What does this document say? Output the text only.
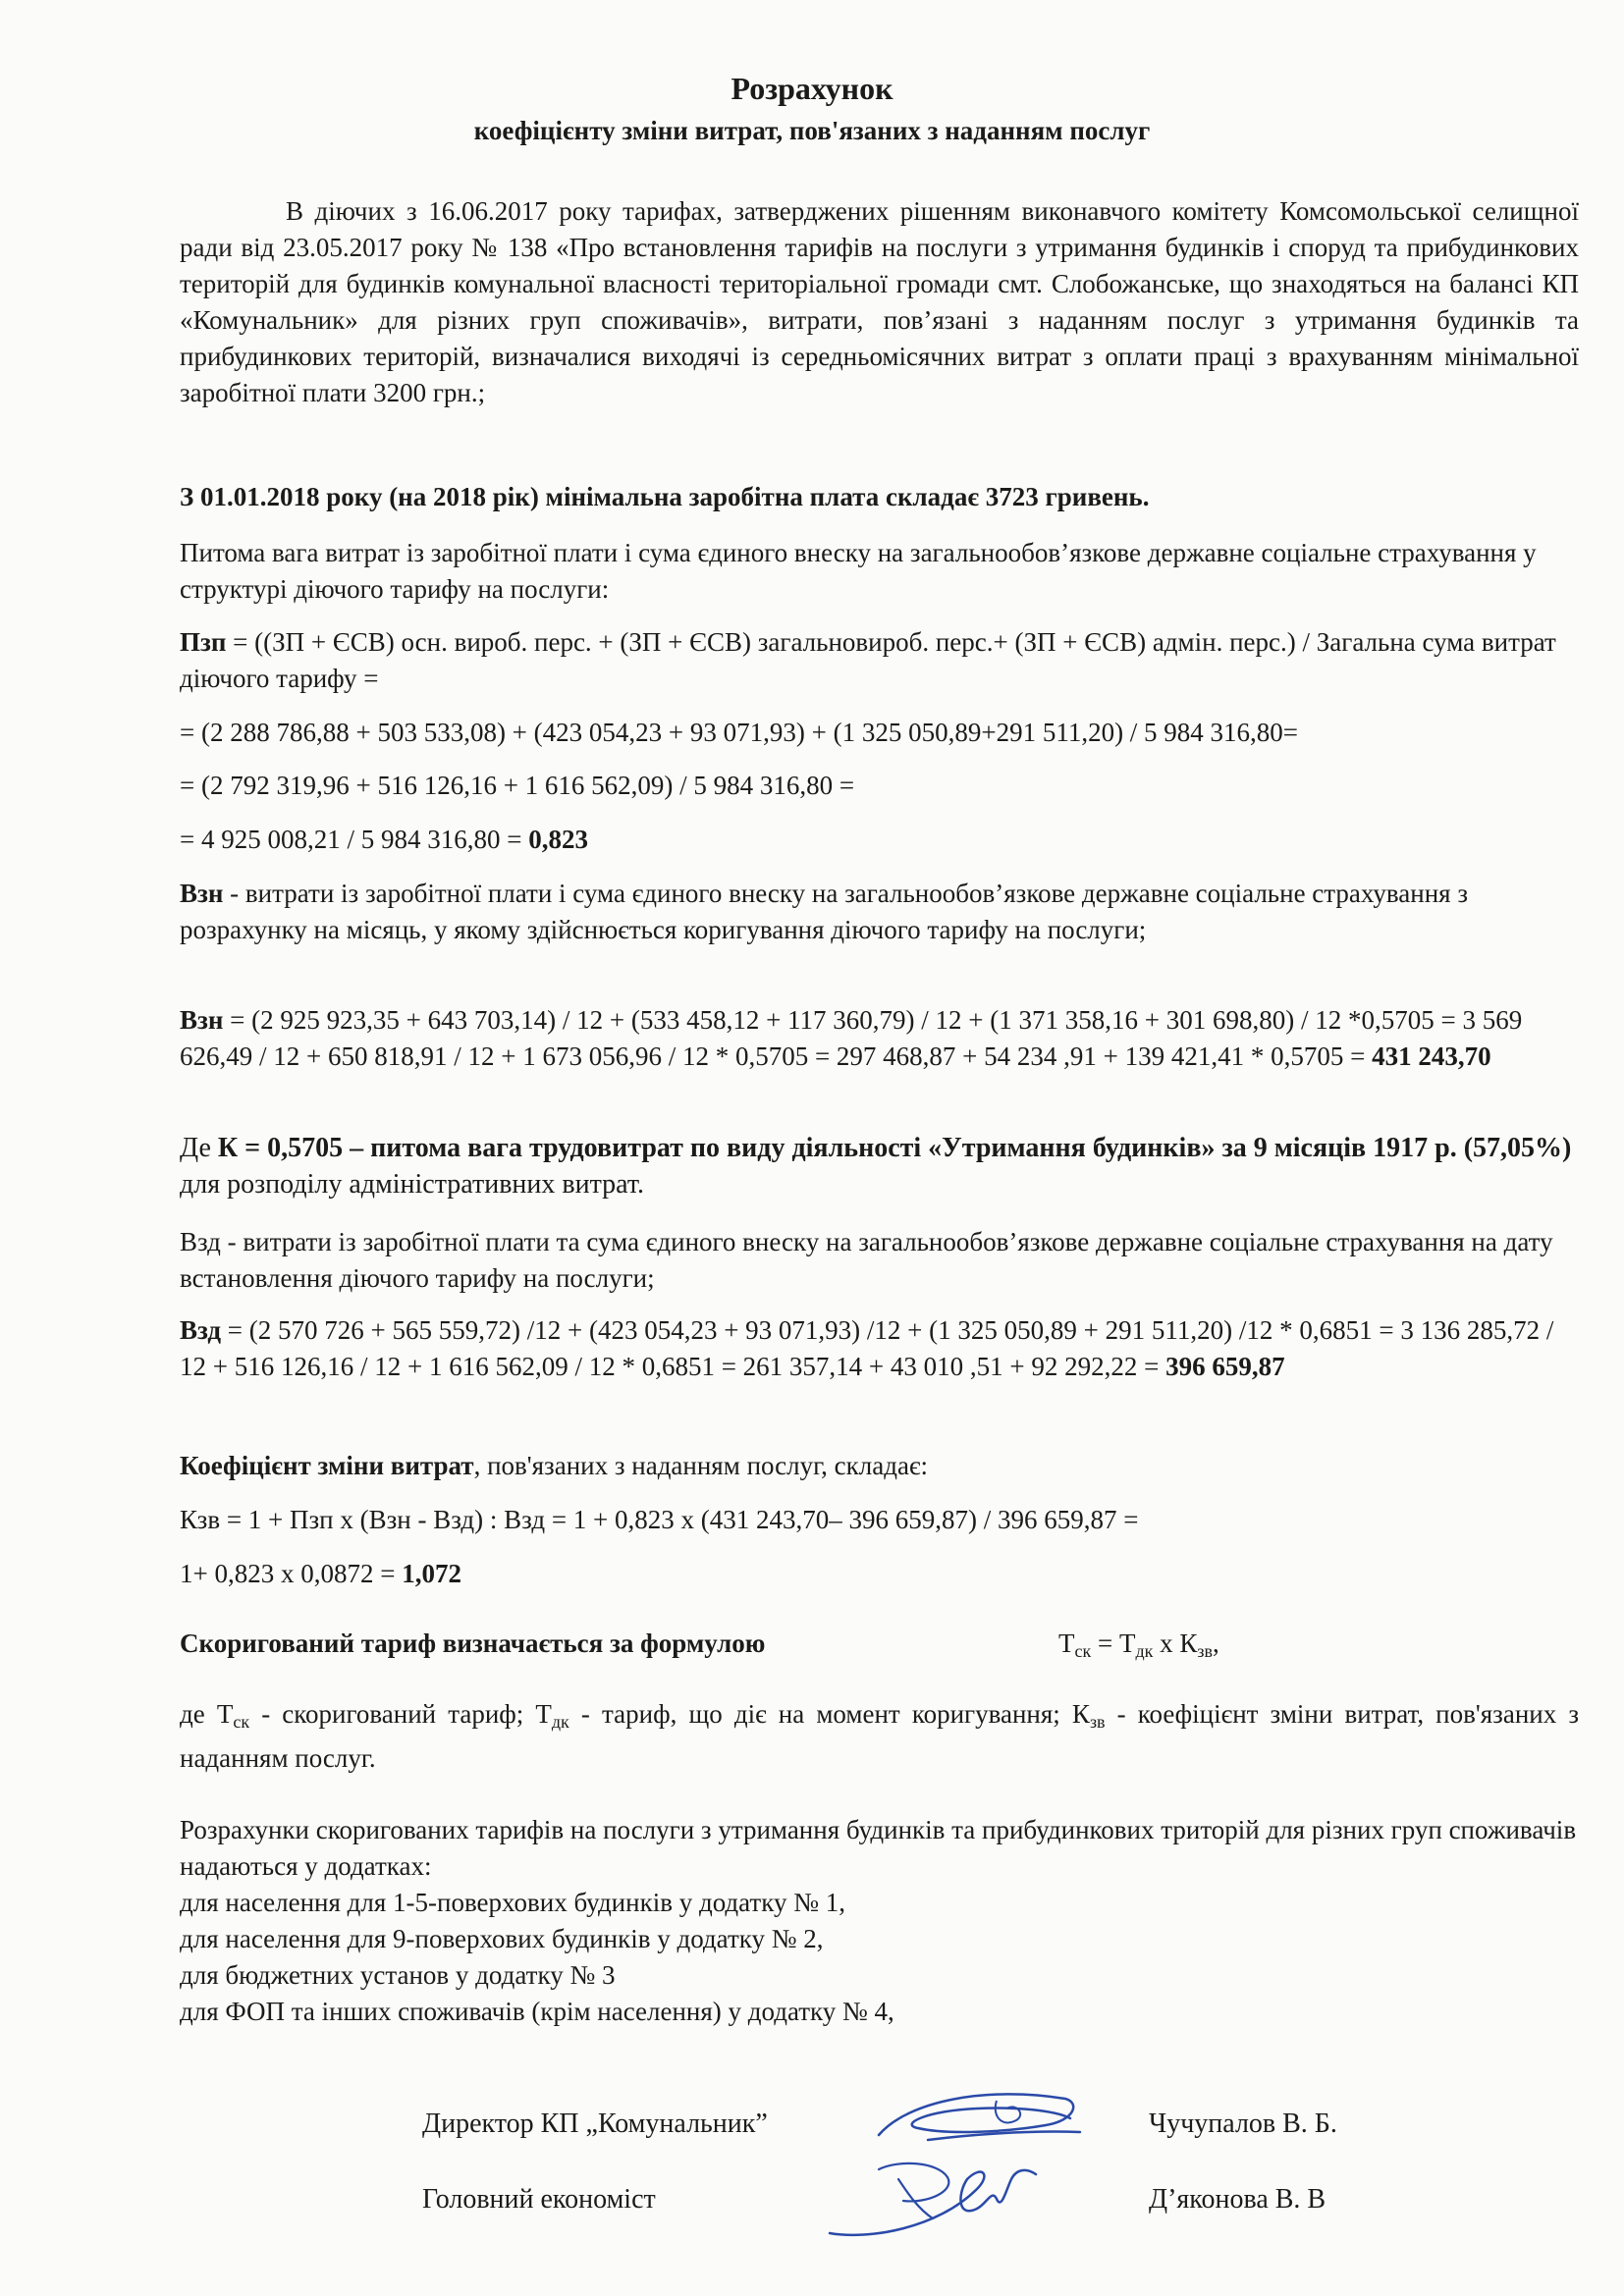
Розрахунок
коефіцієнту зміни витрат, пов'язаних з наданням послуг
В діючих з 16.06.2017 року тарифах, затверджених рішенням виконавчого комітету Комсомольської селищної ради від 23.05.2017 року № 138 «Про встановлення тарифів на послуги з утримання будинків і споруд та прибудинкових територій для будинків комунальної власності територіальної громади смт. Слобожанське, що знаходяться на балансі КП «Комунальник» для різних груп споживачів», витрати, пов’язані з наданням послуг з утримання будинків та прибудинкових територій, визначалися виходячі із середньомісячних витрат з оплати праці з врахуванням мінімальної заробітної плати 3200 грн.;
З 01.01.2018 року (на 2018 рік) мінімальна заробітна плата складає 3723 гривень.
Питома вага витрат із заробітної плати і сума єдиного внеску на загальнообов’язкове державне соціальне страхування у структурі діючого тарифу на послуги:
Пзп = ((ЗП + ЄСВ) осн. вироб. перс. + (ЗП + ЄСВ) загальновироб. перс.+ (ЗП + ЄСВ) адмін. перс.) / Загальна сума витрат діючого тарифу =
= (2 288 786,88 + 503 533,08) + (423 054,23 + 93 071,93) + (1 325 050,89+291 511,20) / 5 984 316,80=
= (2 792 319,96 + 516 126,16 + 1 616 562,09) / 5 984 316,80 =
= 4 925 008,21 / 5 984 316,80 = 0,823
Взн - витрати із заробітної плати і сума єдиного внеску на загальнообов’язкове державне соціальне страхування з розрахунку на місяць, у якому здійснюється коригування діючого тарифу на послуги;
Взн = (2 925 923,35 + 643 703,14) / 12 + (533 458,12 + 117 360,79) / 12 + (1 371 358,16 + 301 698,80) / 12 *0,5705 = 3 569 626,49 / 12 + 650 818,91 / 12 + 1 673 056,96 / 12 * 0,5705 = 297 468,87 + 54 234 ,91 + 139 421,41 * 0,5705 = 431 243,70
Де К = 0,5705 – питома вага трудовитрат по виду діяльності «Утримання будинків» за 9 місяців 1917 р. (57,05%) для розподілу адміністративних витрат.
Взд - витрати із заробітної плати та сума єдиного внеску на загальнообов’язкове державне соціальне страхування на дату встановлення діючого тарифу на послуги;
Взд = (2 570 726 + 565 559,72) /12 + (423 054,23 + 93 071,93) /12 + (1 325 050,89 + 291 511,20) /12 * 0,6851 = 3 136 285,72 / 12 + 516 126,16 / 12 + 1 616 562,09 / 12 * 0,6851 = 261 357,14 + 43 010 ,51 + 92 292,22 = 396 659,87
Коефіцієнт зміни витрат, пов'язаних з наданням послуг, складає:
Кзв = 1 + Пзп х (Взн - Взд) : Взд = 1 + 0,823 х (431 243,70– 396 659,87) / 396 659,87 =
1+ 0,823 х 0,0872 = 1,072
Скоригований тариф визначається за формулою	$Т_{ск} = Т_{дк}$ х $К_{зв}$,
де $Т_{ск}$ - скоригований тариф; $Т_{дк}$ - тариф, що діє на момент коригування; $К_{зв}$ - коефіцієнт зміни витрат, пов'язаних з наданням послуг.
Розрахунки скоригованих тарифів на послуги з утримання будинків та прибудинкових триторій для різних груп споживачів надаються у додатках:
для населення для 1-5-поверхових будинків у додатку № 1,
для населення для 9-поверхових будинків у додатку № 2,
для бюджетних установ у додатку № 3
для ФОП та інших споживачів (крім населення) у додатку № 4,
Директор КП „Комунальник”	Чучупалов В. Б.
Головний економіст	Д’яконова В. В
